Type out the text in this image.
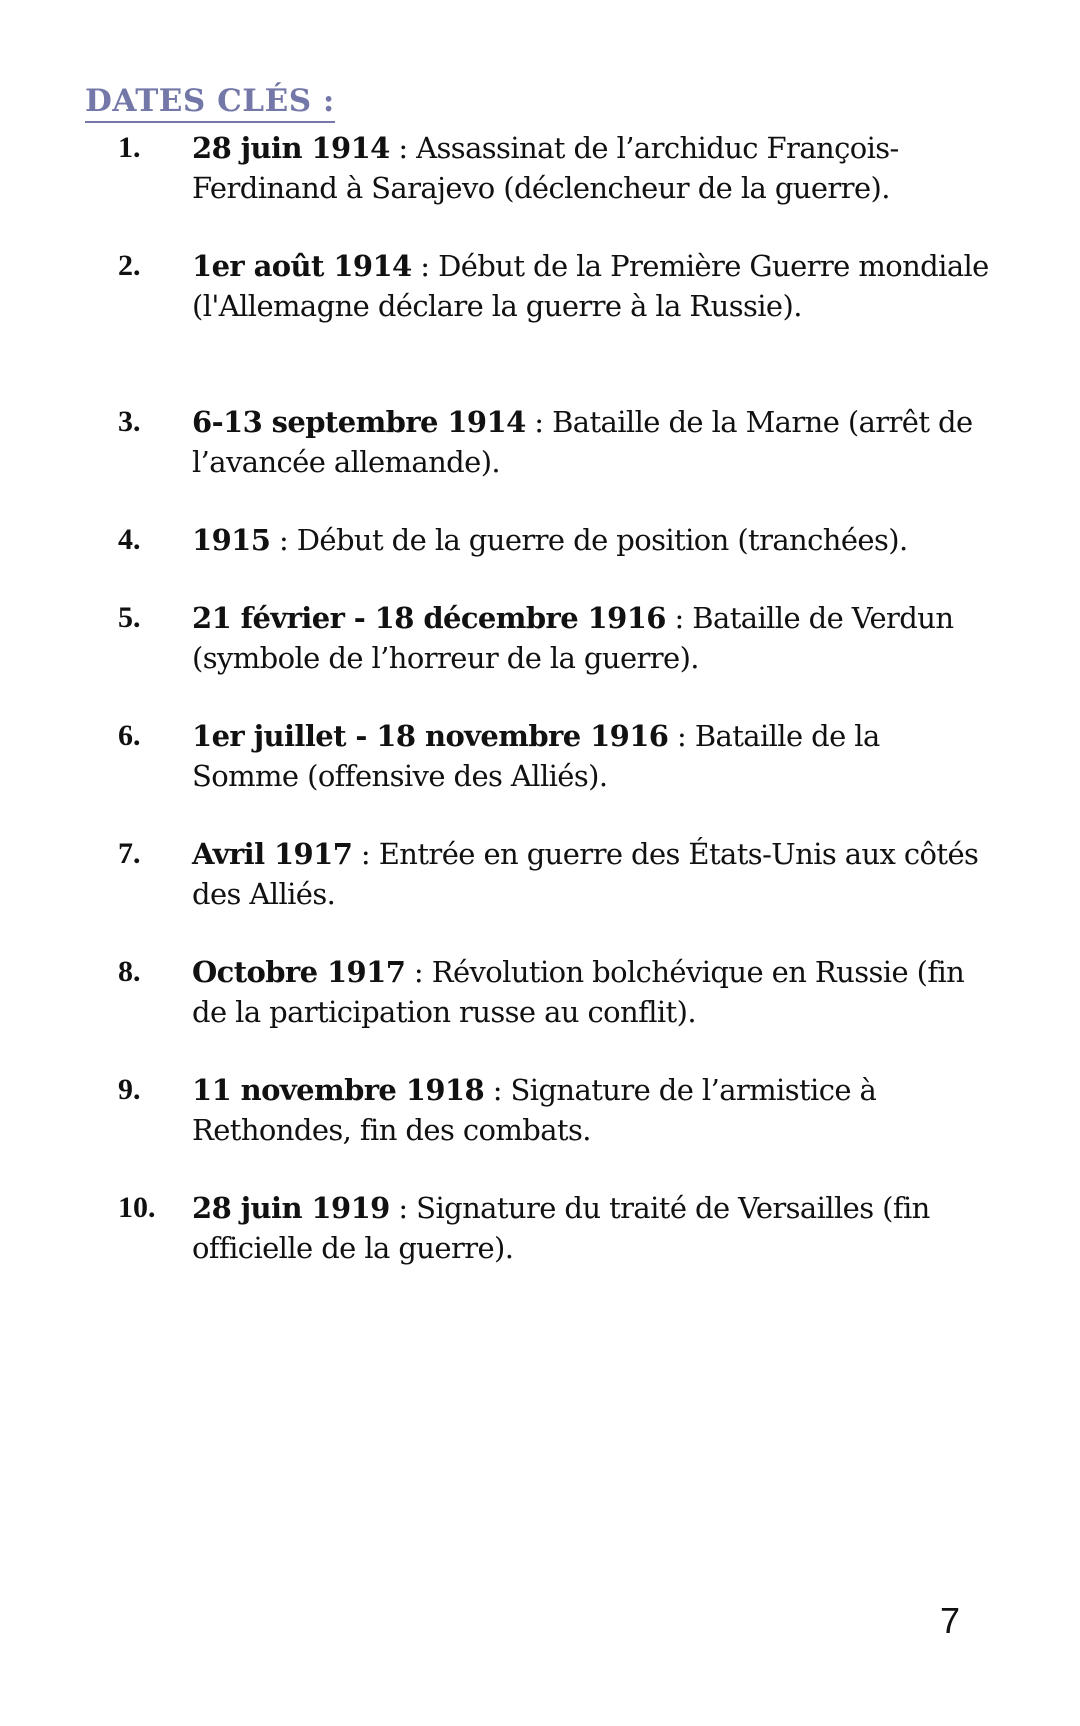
DATES CLÉS :
1. 28 juin 1914 : Assassinat de l’archiduc François-Ferdinand à Sarajevo (déclencheur de la guerre).
2. 1er août 1914 : Début de la Première Guerre mondiale (l'Allemagne déclare la guerre à la Russie).
3. 6-13 septembre 1914 : Bataille de la Marne (arrêt de l’avancée allemande).
4. 1915 : Début de la guerre de position (tranchées).
5. 21 février - 18 décembre 1916 : Bataille de Verdun (symbole de l’horreur de la guerre).
6. 1er juillet - 18 novembre 1916 : Bataille de la Somme (offensive des Alliés).
7. Avril 1917 : Entrée en guerre des États-Unis aux côtés des Alliés.
8. Octobre 1917 : Révolution bolchévique en Russie (fin de la participation russe au conflit).
9. 11 novembre 1918 : Signature de l’armistice à Rethondes, fin des combats.
10. 28 juin 1919 : Signature du traité de Versailles (fin officielle de la guerre).
7
